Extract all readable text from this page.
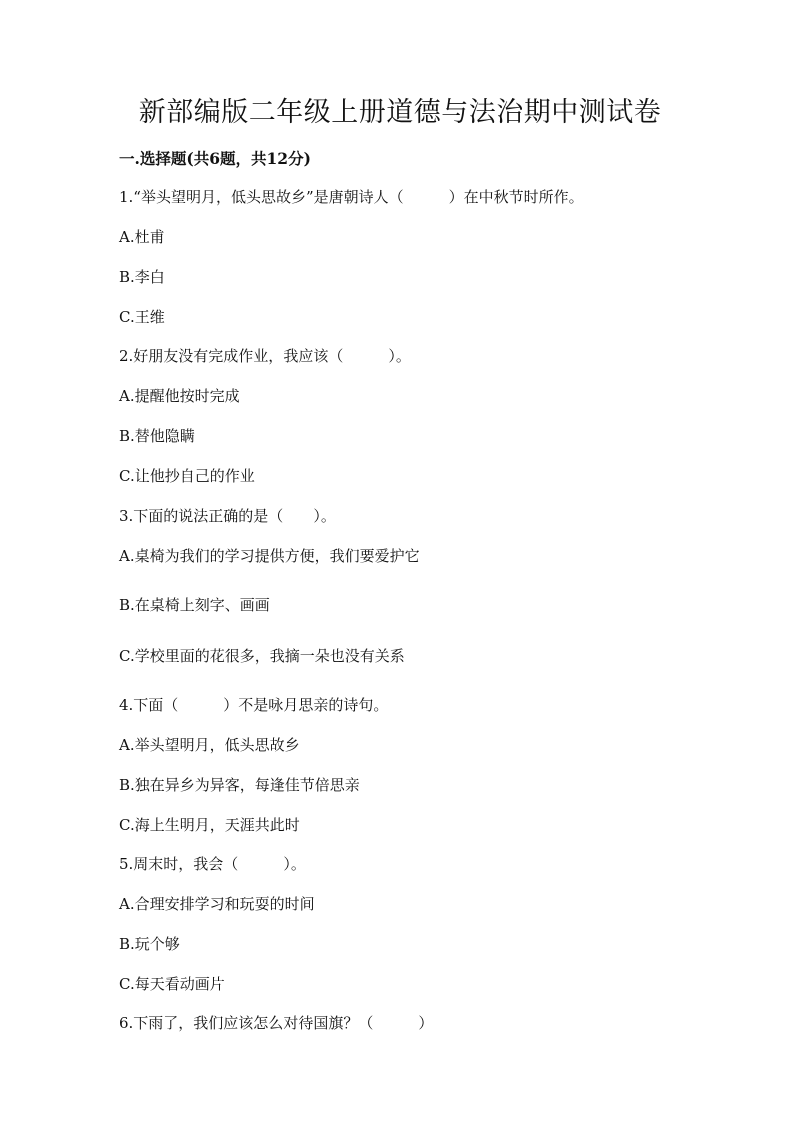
新部编版二年级上册道德与法治期中测试卷
一.选择题(共6题，共12分)
1.“举头望明月，低头思故乡”是唐朝诗人（　　　）在中秋节时所作。
A.杜甫
B.李白
C.王维
2.好朋友没有完成作业，我应该（　　　）。
A.提醒他按时完成
B.替他隐瞒
C.让他抄自己的作业
3.下面的说法正确的是（　　）。
A.桌椅为我们的学习提供方便，我们要爱护它
B.在桌椅上刻字、画画
C.学校里面的花很多，我摘一朵也没有关系
4.下面（　　　）不是咏月思亲的诗句。
A.举头望明月，低头思故乡
B.独在异乡为异客，每逢佳节倍思亲
C.海上生明月，天涯共此时
5.周末时，我会（　　　）。
A.合理安排学习和玩耍的时间
B.玩个够
C.每天看动画片
6.下雨了，我们应该怎么对待国旗？（　　　）
